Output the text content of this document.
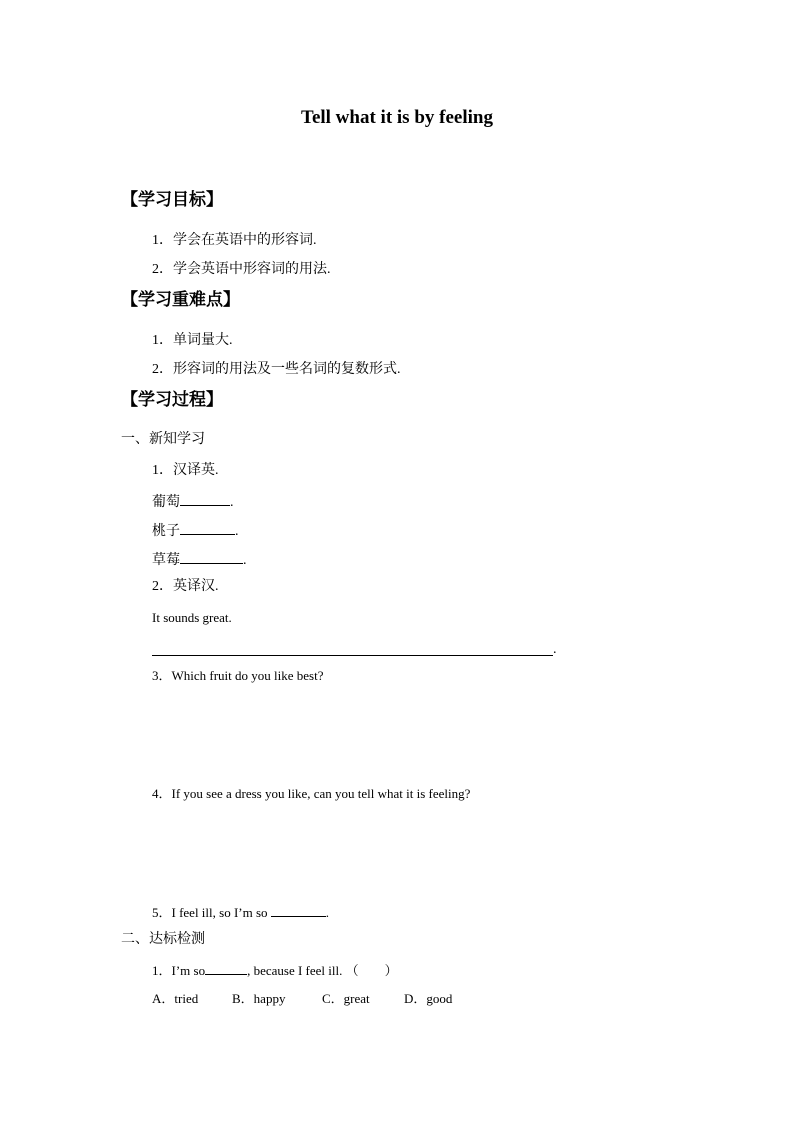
Tell what it is by feeling
【学习目标】
1．学会在英语中的形容词.
2．学会英语中形容词的用法.
【学习重难点】
1．单词量大.
2．形容词的用法及一些名词的复数形式.
【学习过程】
一、新知学习
1．汉译英.
葡萄	.
桃子	.
草莓	.
2．英译汉.
It sounds great.
.
3．Which fruit do you like best?
4．If you see a dress you like, can you tell what it is feeling?
5．I feel ill, so I’m so	.
二、达标检测
1．I’m so	, because I feel ill. （　　）
A．tried	B．happy	C．great	D．good
